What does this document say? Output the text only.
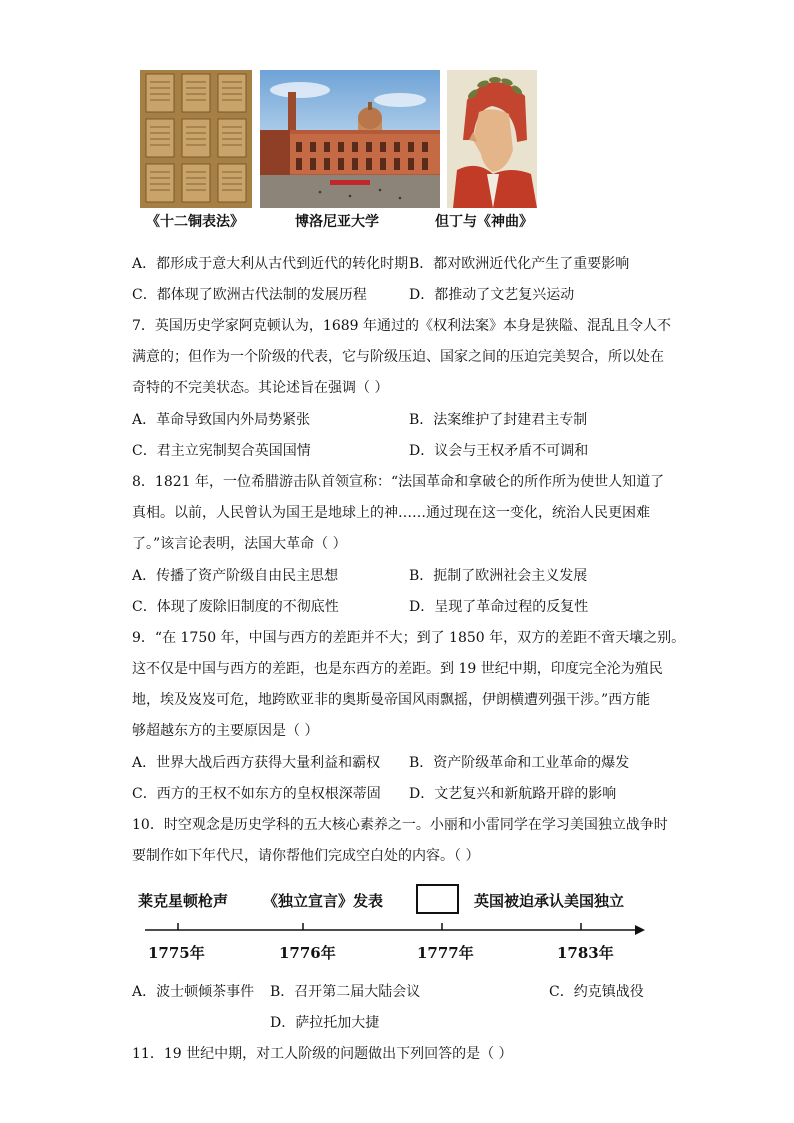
《十二铜表法》	博洛尼亚大学	但丁与《神曲》
A．都形成于意大利从古代到近代的转化时期 B．都对欧洲近代化产生了重要影响
C．都体现了欧洲古代法制的发展历程	D．都推动了文艺复兴运动
7．英国历史学家阿克顿认为，1689 年通过的《权利法案》本身是狭隘、混乱且令人不
满意的；但作为一个阶级的代表，它与阶级压迫、国家之间的压迫完美契合，所以处在
奇特的不完美状态。其论述旨在强调（ ）
A．革命导致国内外局势紧张	B．法案维护了封建君主专制
C．君主立宪制契合英国国情	D．议会与王权矛盾不可调和
8．1821 年，一位希腊游击队首领宣称：“法国革命和拿破仑的所作所为使世人知道了
真相。以前，人民曾认为国王是地球上的神……通过现在这一变化，统治人民更困难
了。”该言论表明，法国大革命（ ）
A．传播了资产阶级自由民主思想	B．扼制了欧洲社会主义发展
C．体现了废除旧制度的不彻底性	D．呈现了革命过程的反复性
9．“在 1750 年，中国与西方的差距并不大；到了 1850 年，双方的差距不啻天壤之别。
这不仅是中国与西方的差距，也是东西方的差距。到 19 世纪中期，印度完全沦为殖民
地，埃及岌岌可危，地跨欧亚非的奥斯曼帝国风雨飘摇，伊朗横遭列强干涉。”西方能
够超越东方的主要原因是（ ）
A．世界大战后西方获得大量利益和霸权 B．资产阶级革命和工业革命的爆发
C．西方的王权不如东方的皇权根深蒂固 D．文艺复兴和新航路开辟的影响
10．时空观念是历史学科的五大核心素养之一。小丽和小雷同学在学习美国独立战争时
要制作如下年代尺，请你帮他们完成空白处的内容。（ ）
莱克星顿枪声 《独立宣言》发表	英国被迫承认美国独立
1775年	1776年	1777年	1783年
A．波士顿倾茶事件 B．召开第二届大陆会议	C．约克镇战役
D．萨拉托加大捷
11．19 世纪中期，对工人阶级的问题做出下列回答的是（ ）
